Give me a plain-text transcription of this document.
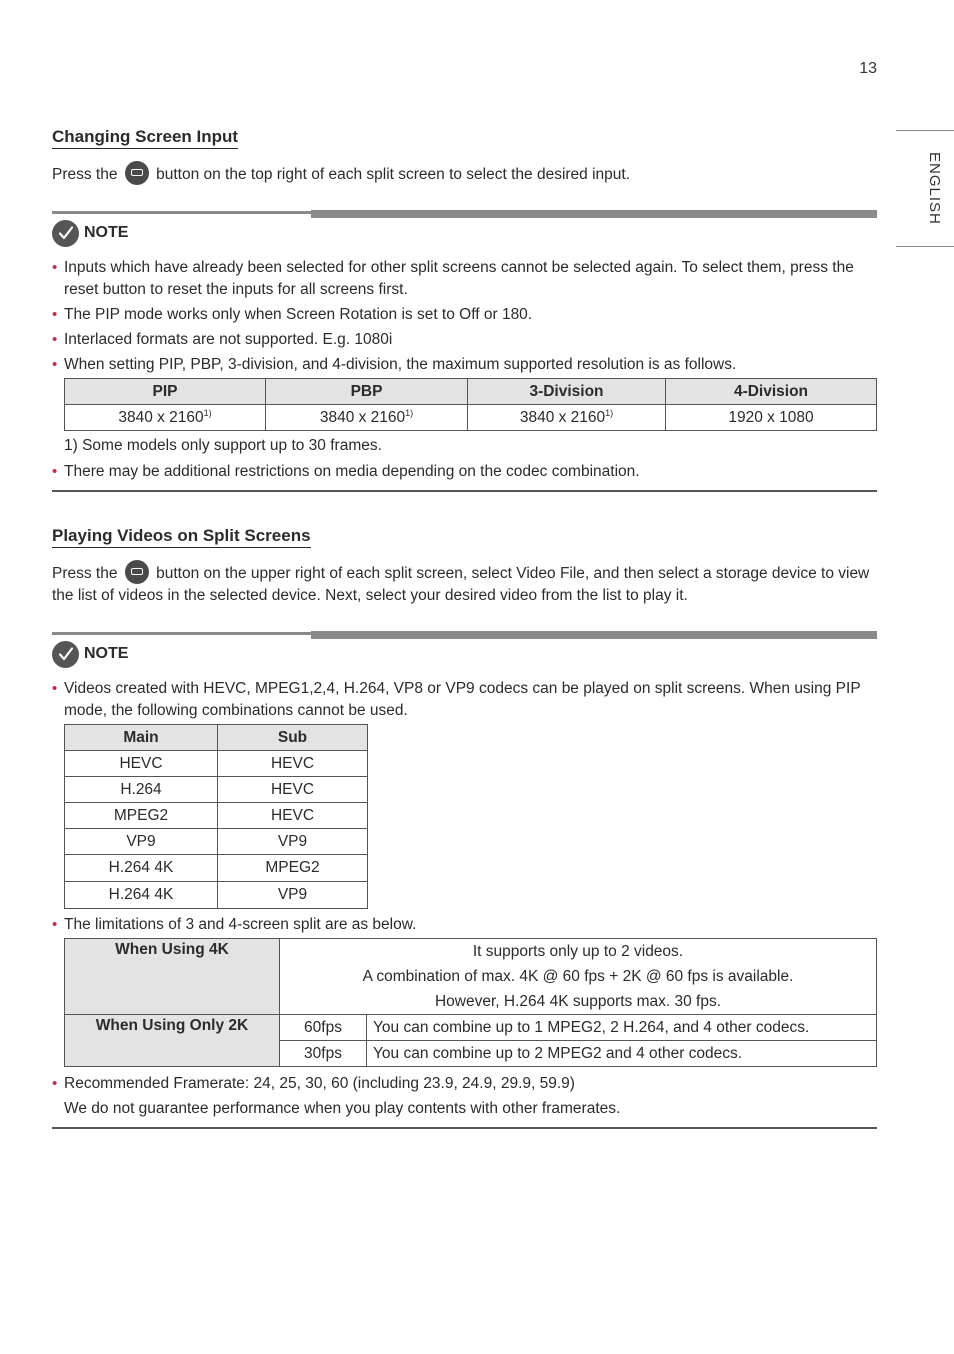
13
ENGLISH
Changing Screen Input
Press the button on the top right of each split screen to select the desired input.
NOTE
• Inputs which have already been selected for other split screens cannot be selected again. To select them, press the reset button to reset the inputs for all screens first.
• The PIP mode works only when Screen Rotation is set to Off or 180.
• Interlaced formats are not supported. E.g. 1080i
• When setting PIP, PBP, 3-division, and 4-division, the maximum supported resolution is as follows.
PIP	PBP	3-Division	4-Division
3840 x 2160$^{1)}$	3840 x 2160$^{1)}$	3840 x 2160$^{1)}$	1920 x 1080
1) Some models only support up to 30 frames.
• There may be additional restrictions on media depending on the codec combination.
Playing Videos on Split Screens
Press the button on the upper right of each split screen, select Video File, and then select a storage device to view the list of videos in the selected device. Next, select your desired video from the list to play it.
NOTE
• Videos created with HEVC, MPEG1,2,4, H.264, VP8 or VP9 codecs can be played on split screens. When using PIP mode, the following combinations cannot be used.
Main	Sub
HEVC	HEVC
H.264	HEVC
MPEG2	HEVC
VP9	VP9
H.264 4K	MPEG2
H.264 4K	VP9
• The limitations of 3 and 4-screen split are as below.
When Using 4K	It supports only up to 2 videos.
A combination of max. 4K @ 60 fps + 2K @ 60 fps is available.
However, H.264 4K supports max. 30 fps.	

When Using Only 2K	60fps	You can combine up to 1 MPEG2, 2 H.264, and 4 other codecs.
	30fps	You can combine up to 2 MPEG2 and 4 other codecs.
• Recommended Framerate: 24, 25, 30, 60 (including 23.9, 24.9, 29.9, 59.9)
We do not guarantee performance when you play contents with other framerates.
